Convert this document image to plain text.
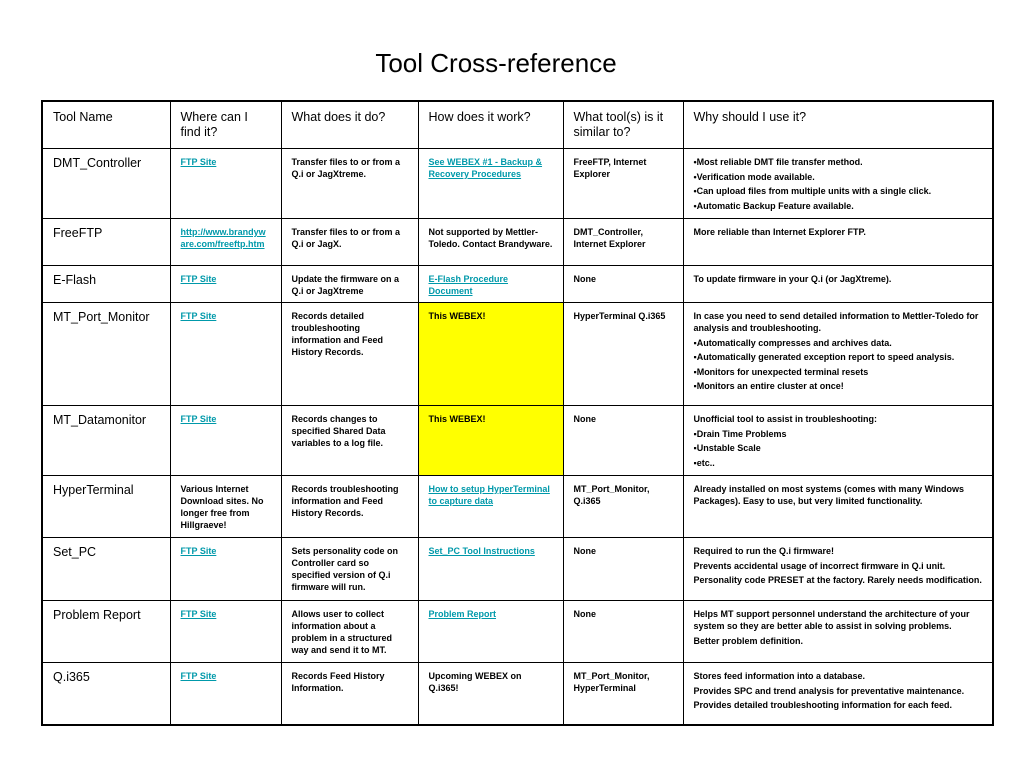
Tool Cross-reference
Tool Name	Where can I find it?	What does it do?	How does it work?	What tool(s) is it similar to?	Why should I use it?
DMT_Controller	FTP Site	Transfer files to or from a Q.i or JagXtreme.	See WEBEX #1 - Backup & Recovery Procedures	FreeFTP, Internet Explorer	•Most reliable DMT file transfer method.
•Verification mode available.
•Can upload files from multiple units with a single click.
•Automatic Backup Feature available.

FreeFTP	http://www.brandyware.com/freeftp.htm	Transfer files to or from a Q.i or JagX.	Not supported by Mettler-Toledo. Contact Brandyware.	DMT_Controller, Internet Explorer	More reliable than Internet Explorer FTP.

E-Flash	FTP Site	Update the firmware on a Q.i or JagXtreme	E-Flash Procedure Document	None	To update firmware in your Q.i (or JagXtreme).

MT_Port_Monitor	FTP Site	Records detailed troubleshooting information and Feed History Records.	This WEBEX!	HyperTerminal Q.i365	In case you need to send detailed information to Mettler-Toledo for analysis and troubleshooting.
▪Automatically compresses and archives data.
▪Automatically generated exception report to speed analysis.
▪Monitors for unexpected terminal resets
▪Monitors an entire cluster at once!

MT_Datamonitor	FTP Site	Records changes to specified Shared Data variables to a log file.	This WEBEX!	None	Unofficial tool to assist in troubleshooting:
▪Drain Time Problems
▪Unstable Scale
▪etc..

HyperTerminal	Various Internet Download sites. No longer free from Hillgraeve!	Records troubleshooting information and Feed History Records.	How to setup HyperTerminal to capture data	MT_Port_Monitor, Q.i365	Already installed on most systems (comes with many Windows Packages). Easy to use, but very limited functionality.

Set_PC	FTP Site	Sets personality code on Controller card so specified version of Q.i firmware will run.	Set_PC Tool Instructions	None	Required to run the Q.i firmware!
Prevents accidental usage of incorrect firmware in Q.i unit.
Personality code PRESET at the factory. Rarely needs modification.

Problem Report	FTP Site	Allows user to collect information about a problem in a structured way and send it to MT.	Problem Report	None	Helps MT support personnel understand the architecture of your system so they are better able to assist in solving problems.
Better problem definition.

Q.i365	FTP Site	Records Feed History Information.	Upcoming WEBEX on Q.i365!	MT_Port_Monitor, HyperTerminal	Stores feed information into a database.
Provides SPC and trend analysis for preventative maintenance.
Provides detailed troubleshooting information for each feed.
